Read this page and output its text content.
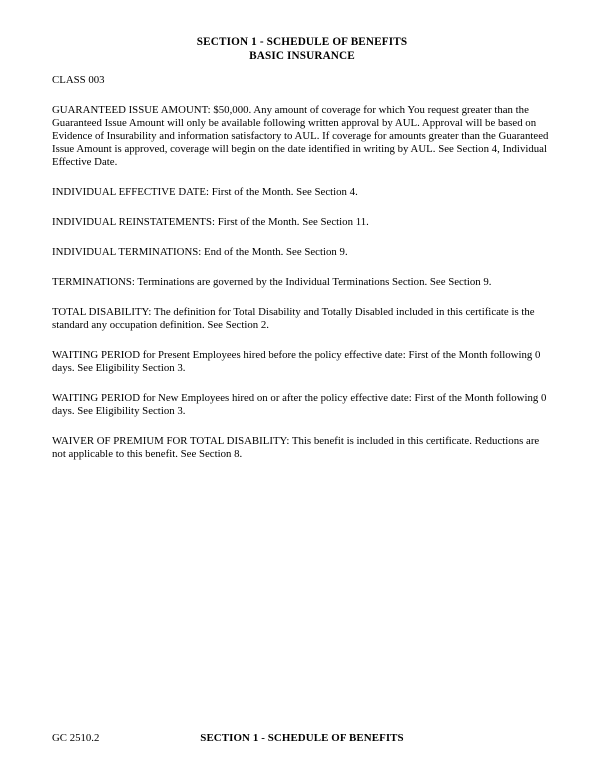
SECTION 1 - SCHEDULE OF BENEFITS
BASIC INSURANCE

CLASS 003

GUARANTEED ISSUE AMOUNT: $50,000. Any amount of coverage for which You request greater than the Guaranteed Issue Amount will only be available following written approval by AUL. Approval will be based on Evidence of Insurability and information satisfactory to AUL. If coverage for amounts greater than the Guaranteed Issue Amount is approved, coverage will begin on the date identified in writing by AUL. See Section 4, Individual Effective Date.

INDIVIDUAL EFFECTIVE DATE: First of the Month. See Section 4.

INDIVIDUAL REINSTATEMENTS: First of the Month. See Section 11.

INDIVIDUAL TERMINATIONS: End of the Month. See Section 9.

TERMINATIONS: Terminations are governed by the Individual Terminations Section. See Section 9.

TOTAL DISABILITY: The definition for Total Disability and Totally Disabled included in this certificate is the standard any occupation definition. See Section 2.

WAITING PERIOD for Present Employees hired before the policy effective date: First of the Month following 0 days. See Eligibility Section 3.

WAITING PERIOD for New Employees hired on or after the policy effective date: First of the Month following 0 days. See Eligibility Section 3.

WAIVER OF PREMIUM FOR TOTAL DISABILITY: This benefit is included in this certificate. Reductions are not applicable to this benefit. See Section 8.

GC 2510.2	SECTION 1 - SCHEDULE OF BENEFITS
